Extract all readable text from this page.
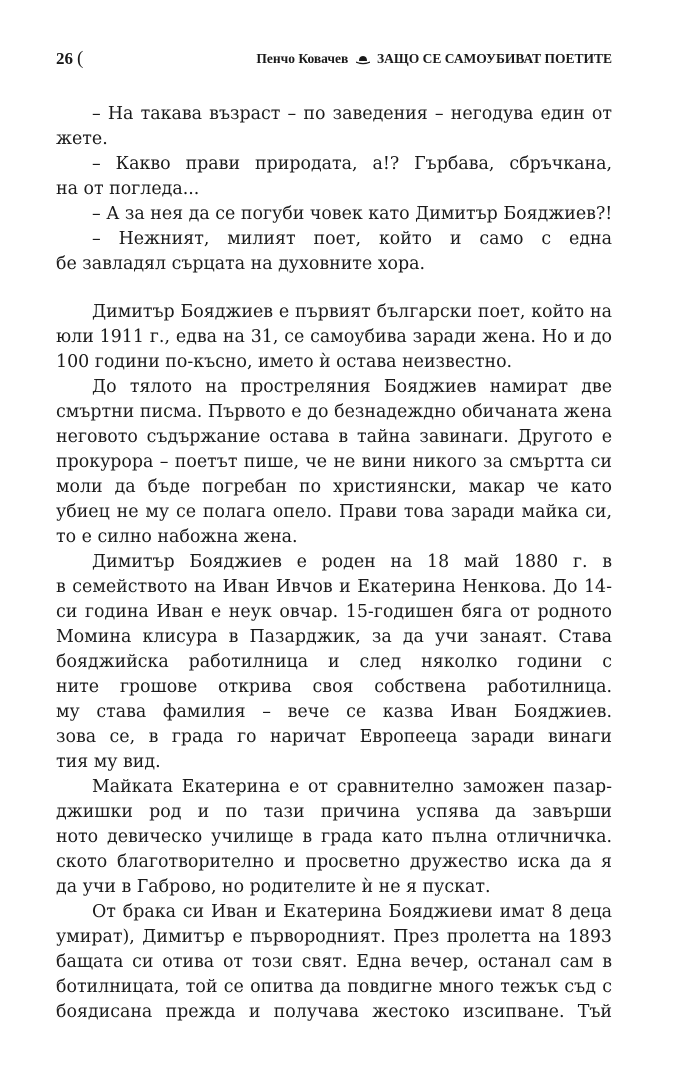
26 (	Пенчо Ковачев ЗАЩО СЕ САМОУБИВАТ ПОЕТИТЕ
– На такава възраст – по заведения – негодува един от
жете.
– Какво прави природата, а!? Гърбава, сбръчкана,
на от погледа...
– А за нея да се погуби човек като Димитър Бояджиев?!
– Нежният, милият поет, който и само с една
бе завладял сърцата на духовните хора.
Димитър Бояджиев е първият български поет, който на
юли 1911 г., едва на 31, се самоубива заради жена. Но и до
100 години по-късно, името ѝ остава неизвестно.
До тялото на простреляния Бояджиев намират две
смъртни писма. Първото е до безнадеждно обичаната жена
неговото съдържание остава в тайна завинаги. Другото е
прокурора – поетът пише, че не вини никого за смъртта си
моли да бъде погребан по християнски, макар че като
убиец не му се полага опело. Прави това заради майка си,
то е силно набожна жена.
Димитър Бояджиев е роден на 18 май 1880 г. в
в семейството на Иван Ивчов и Екатерина Ненкова. До 14-
си година Иван е неук овчар. 15-годишен бяга от родното
Момина клисура в Пазарджик, за да учи занаят. Става
бояджийска работилница и след няколко години с
ните грошове открива своя собствена работилница.
му става фамилия – вече се казва Иван Бояджиев.
зова се, в града го наричат Европееца заради винаги
тия му вид.
Майката Екатерина е от сравнително заможен пазар-
джишки род и по тази причина успява да завърши
ното девическо училище в града като пълна отличничка.
ското благотворително и просветно дружество иска да я
да учи в Габрово, но родителите ѝ не я пускат.
От брака си Иван и Екатерина Бояджиеви имат 8 деца
умират), Димитър е първородният. През пролетта на 1893
бащата си отива от този свят. Една вечер, останал сам в
ботилницата, той се опитва да повдигне много тежък съд с
боядисана прежда и получава жестоко изсипване. Тъй
